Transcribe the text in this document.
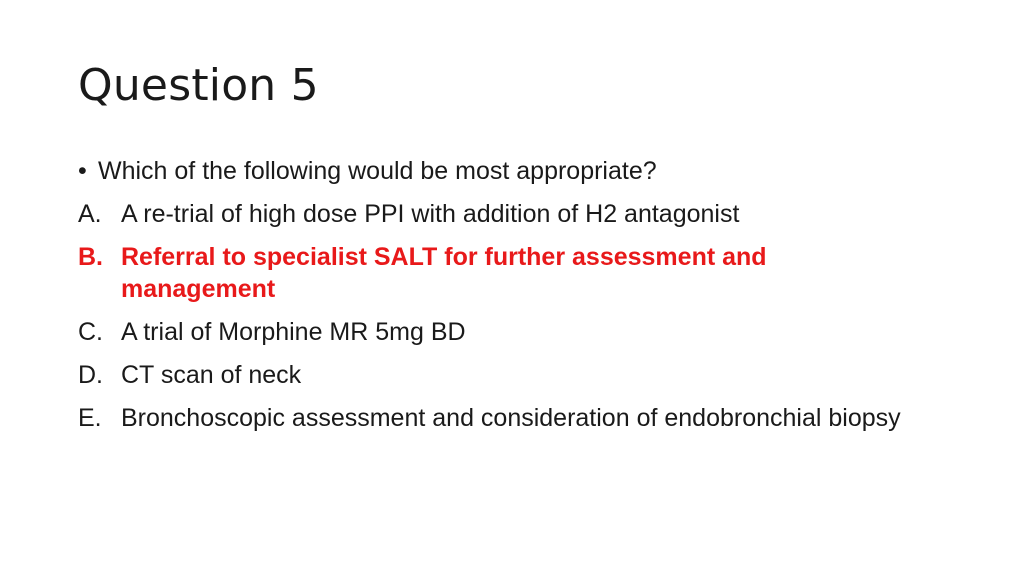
Question 5
• Which of the following would be most appropriate?
A. A re-trial of high dose PPI with addition of H2 antagonist
B. Referral to specialist SALT for further assessment and management
C. A trial of Morphine MR 5mg BD
D. CT scan of neck
E. Bronchoscopic assessment and consideration of endobronchial biopsy
